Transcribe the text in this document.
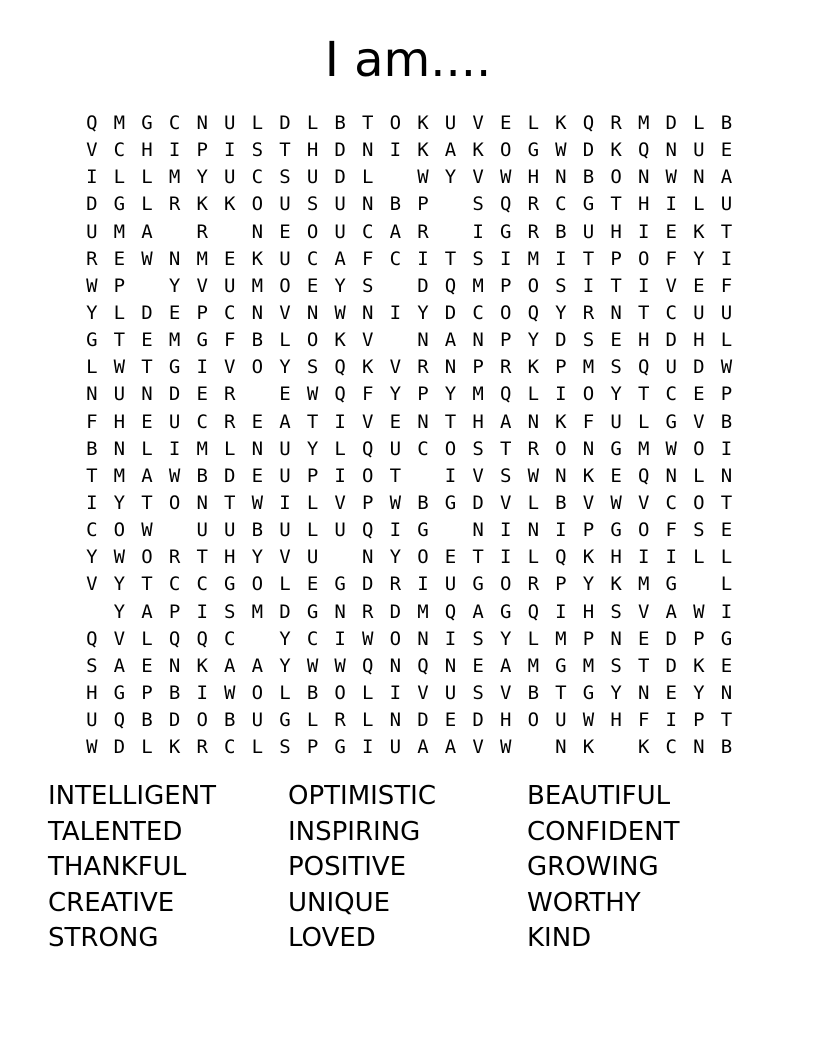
I am....
Q M G C N U L D L B T O K U V E L K Q R M D L B
V C H I P I S T H D N I K A K O G W D K Q N U E
I L L M Y U C S U D L	W Y V W H N B O N W N A
D G L R K K O U S U N B P	S Q R C G T H I L U
U M A	R	N E O U C A R	I G R B U H I E K T
R E W N M E K U C A F C I T S I M I T P O F Y I
W P	Y V U M O E Y S	D Q M P O S I T I V E F
Y L D E P C N V N W N I Y D C O Q Y R N T C U U
G T E M G F B L O K V	N A N P Y D S E H D H L
L W T G I V O Y S Q K V R N P R K P M S Q U D W
N U N D E R	E W Q F Y P Y M Q L I O Y T C E P
F H E U C R E A T I V E N T H A N K F U L G V B
B N L I M L N U Y L Q U C O S T R O N G M W O I
T M A W B D E U P I O T	I V S W N K E Q N L N
I Y T O N T W I L V P W B G D V L B V W V C O T
C O W	U U B U L U Q I G	N I N I P G O F S E
Y W O R T H Y V U	N Y O E T I L Q K H I I L L
V Y T C C G O L E G D R I U G O R P Y K M G	L
Y A P I S M D G N R D M Q A G Q I H S V A W I
Q V L Q Q C	Y C I W O N I S Y L M P N E D P G
S A E N K A A Y W W Q N Q N E A M G M S T D K E
H G P B I W O L B O L I V U S V B T G Y N E Y N
U Q B D O B U G L R L N D E D H O U W H F I P T
W D L K R C L S P G I U A A V W	N K	K C N B
INTELLIGENT
TALENTED
THANKFUL
CREATIVE
STRONG
OPTIMISTIC
INSPIRING
POSITIVE
UNIQUE
LOVED
BEAUTIFUL
CONFIDENT
GROWING
WORTHY
KIND
